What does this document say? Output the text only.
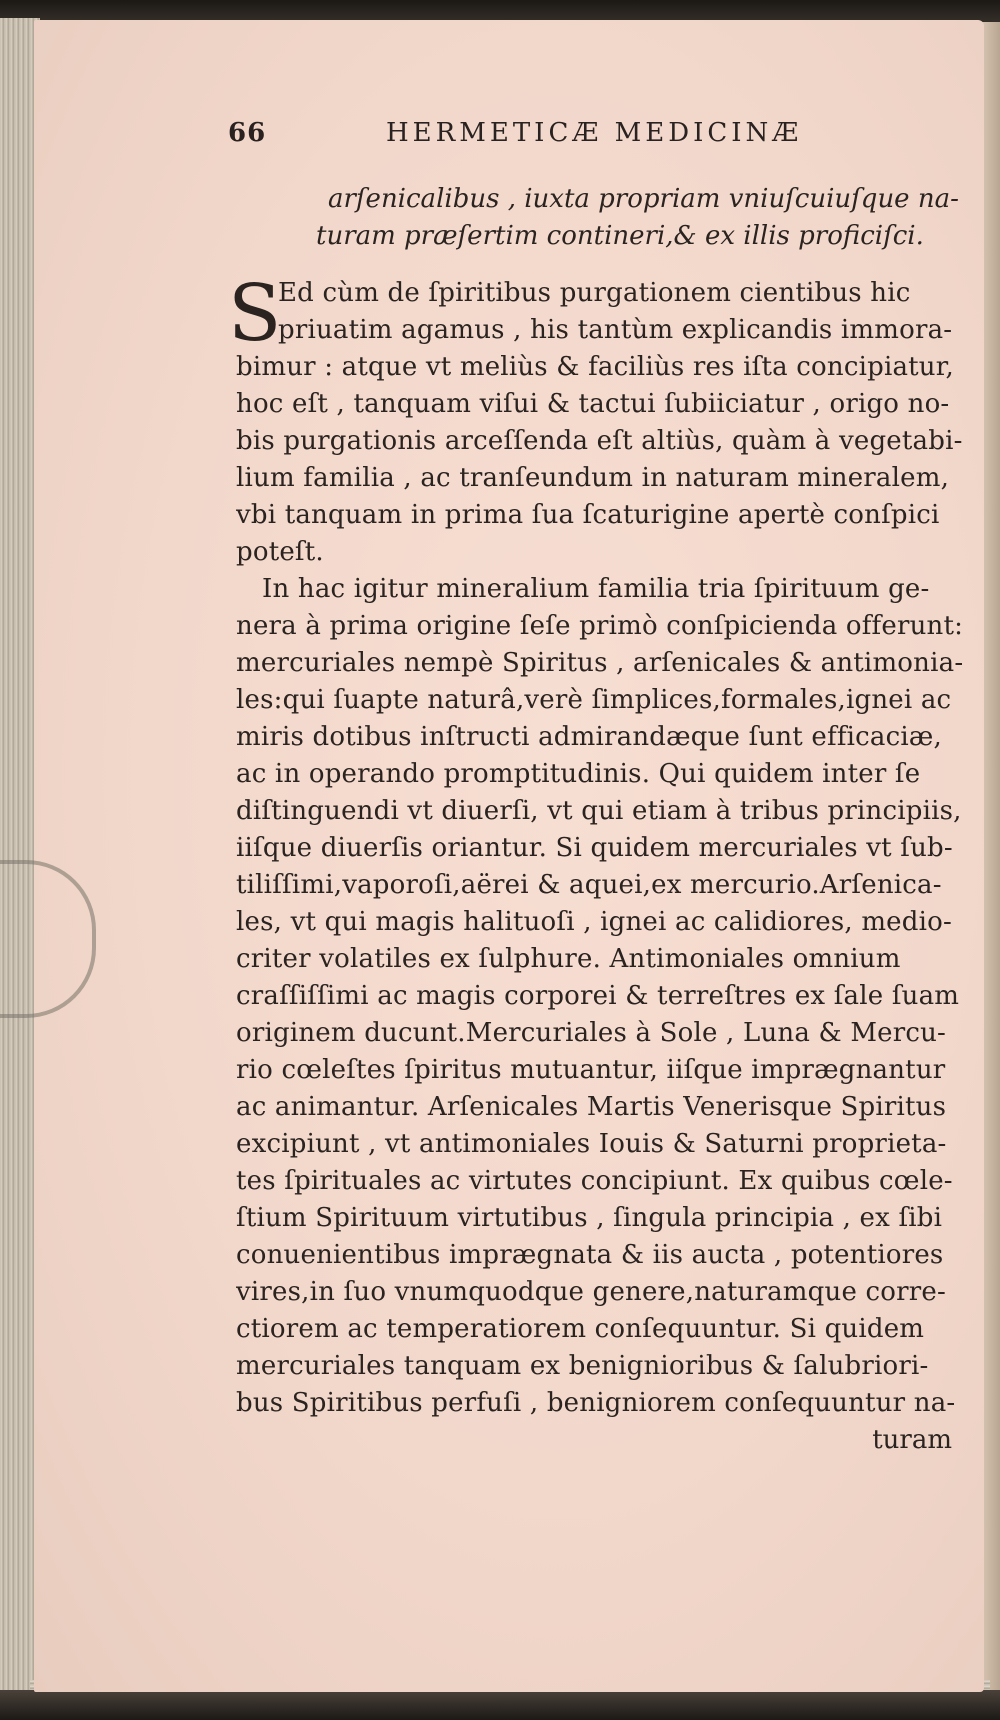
66	HERMETICÆ MEDICINÆ
arſenicalibus , iuxta propriam vniuſcuiuſque na-
turam præſertim contineri,& ex illis proficiſci.
S
Ed cùm de ſpiritibus purgationem cientibus hic
priuatim agamus , his tantùm explicandis immora-
bimur : atque vt meliùs & faciliùs res iſta concipiatur,
hoc eſt , tanquam viſui & tactui ſubiiciatur , origo no-
bis purgationis arceſſenda eſt altiùs, quàm à vegetabi-
lium familia , ac tranſeundum in naturam mineralem,
vbi tanquam in prima ſua ſcaturigine apertè conſpici
poteſt.
In hac igitur mineralium familia tria ſpirituum ge-
nera à prima origine ſeſe primò conſpicienda offerunt:
mercuriales nempè Spiritus , arſenicales & antimonia-
les:qui ſuapte naturâ,verè ſimplices,formales,ignei ac
miris dotibus inſtructi admirandæque ſunt efficaciæ,
ac in operando promptitudinis. Qui quidem inter ſe
diſtinguendi vt diuerſi, vt qui etiam à tribus principiis,
iiſque diuerſis oriantur. Si quidem mercuriales vt ſub-
tiliſſimi,vaporoſi,aërei & aquei,ex mercurio.Arſenica-
les, vt qui magis halituoſi , ignei ac calidiores, medio-
criter volatiles ex ſulphure. Antimoniales omnium
craſſiſſimi ac magis corporei & terreſtres ex ſale ſuam
originem ducunt.Mercuriales à Sole , Luna & Mercu-
rio cœleſtes ſpiritus mutuantur, iiſque imprægnantur
ac animantur. Arſenicales Martis Venerisque Spiritus
excipiunt , vt antimoniales Iouis & Saturni proprieta-
tes ſpirituales ac virtutes concipiunt. Ex quibus cœle-
ſtium Spirituum virtutibus , ſingula principia , ex ſibi
conuenientibus imprægnata & iis aucta , potentiores
vires,in ſuo vnumquodque genere,naturamque corre-
ctiorem ac temperatiorem conſequuntur. Si quidem
mercuriales tanquam ex benignioribus & ſalubriori-
bus Spiritibus perfuſi , benigniorem conſequuntur na-
turam
